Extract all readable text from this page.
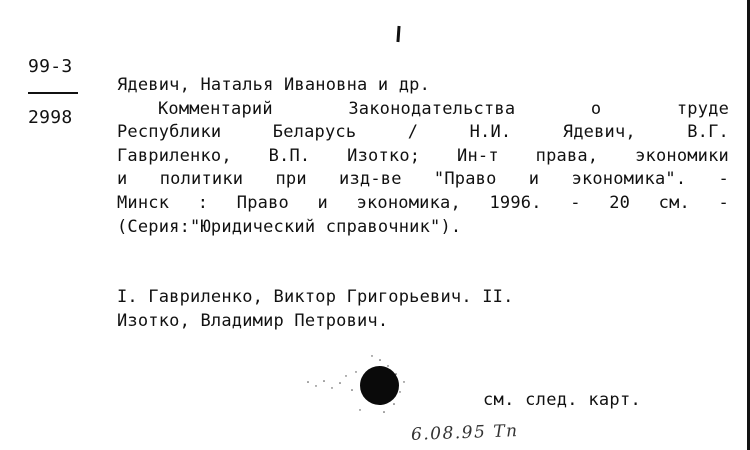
99-3
2998
Ядевич, Наталья Ивановна и др.
Комментарий Законодательства о труде
Республики Беларусь / Н.И. Ядевич, В.Г.
Гавриленко, В.П. Изотко; Ин-т права, экономики
и политики при изд-ве "Право и экономика". -
Минск : Право и экономика, 1996. - 20 см. -
(Серия:"Юридический справочник").
I. Гавриленко, Виктор Григорьевич. II.
Изотко, Владимир Петрович.
см. след. карт.
6.08.95 Tn
